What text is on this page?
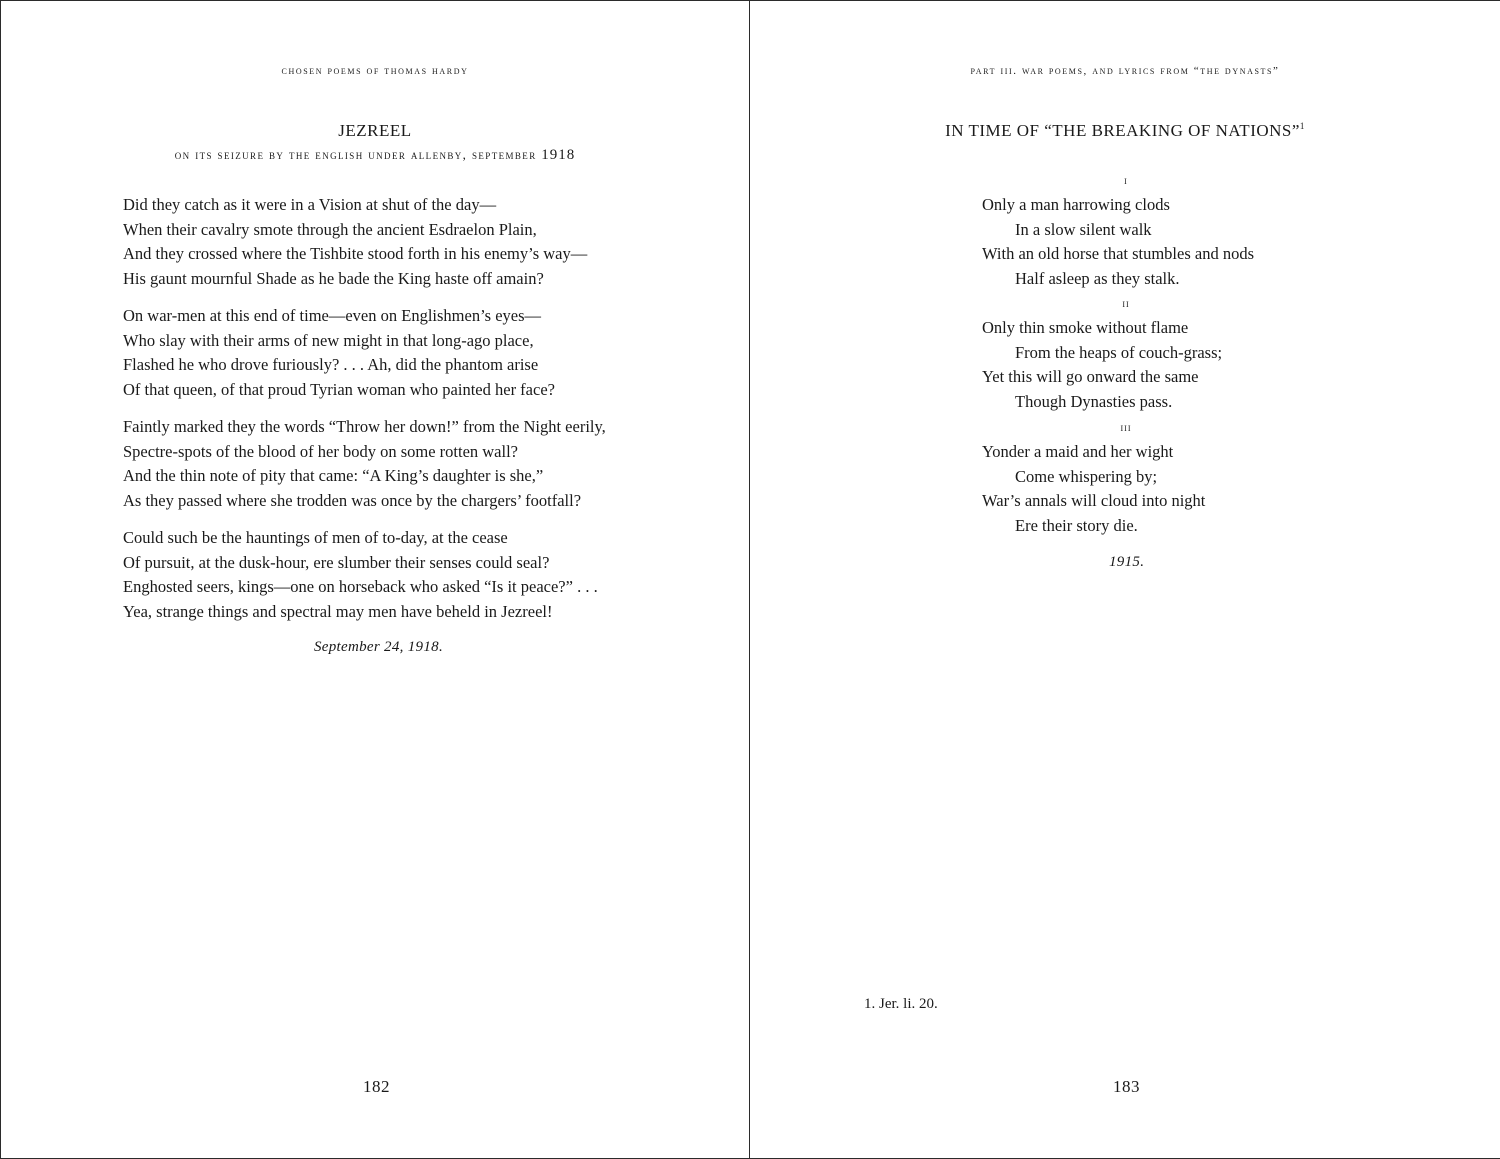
chosen poems of thomas hardy
JEZREEL
on its seizure by the english under allenby, september 1918
Did they catch as it were in a Vision at shut of the day—
When their cavalry smote through the ancient Esdraelon Plain,
And they crossed where the Tishbite stood forth in his enemy’s way—
His gaunt mournful Shade as he bade the King haste off amain?
On war-men at this end of time—even on Englishmen’s eyes—
Who slay with their arms of new might in that long-ago place,
Flashed he who drove furiously? . . . Ah, did the phantom arise
Of that queen, of that proud Tyrian woman who painted her face?
Faintly marked they the words “Throw her down!” from the Night eerily,
Spectre-spots of the blood of her body on some rotten wall?
And the thin note of pity that came: “A King’s daughter is she,”
As they passed where she trodden was once by the chargers’ footfall?
Could such be the hauntings of men of to-day, at the cease
Of pursuit, at the dusk-hour, ere slumber their senses could seal?
Enghosted seers, kings—one on horseback who asked “Is it peace?” . . .
Yea, strange things and spectral may men have beheld in Jezreel!
September 24, 1918.
182
part iii. war poems, and lyrics from “the dynasts”
IN TIME OF “THE BREAKING OF NATIONS”$^1$
i
Only a man harrowing clods
In a slow silent walk
With an old horse that stumbles and nods
Half asleep as they stalk.
ii
Only thin smoke without flame
From the heaps of couch-grass;
Yet this will go onward the same
Though Dynasties pass.
iii
Yonder a maid and her wight
Come whispering by;
War’s annals will cloud into night
Ere their story die.
1915.
1. Jer. li. 20.
183
